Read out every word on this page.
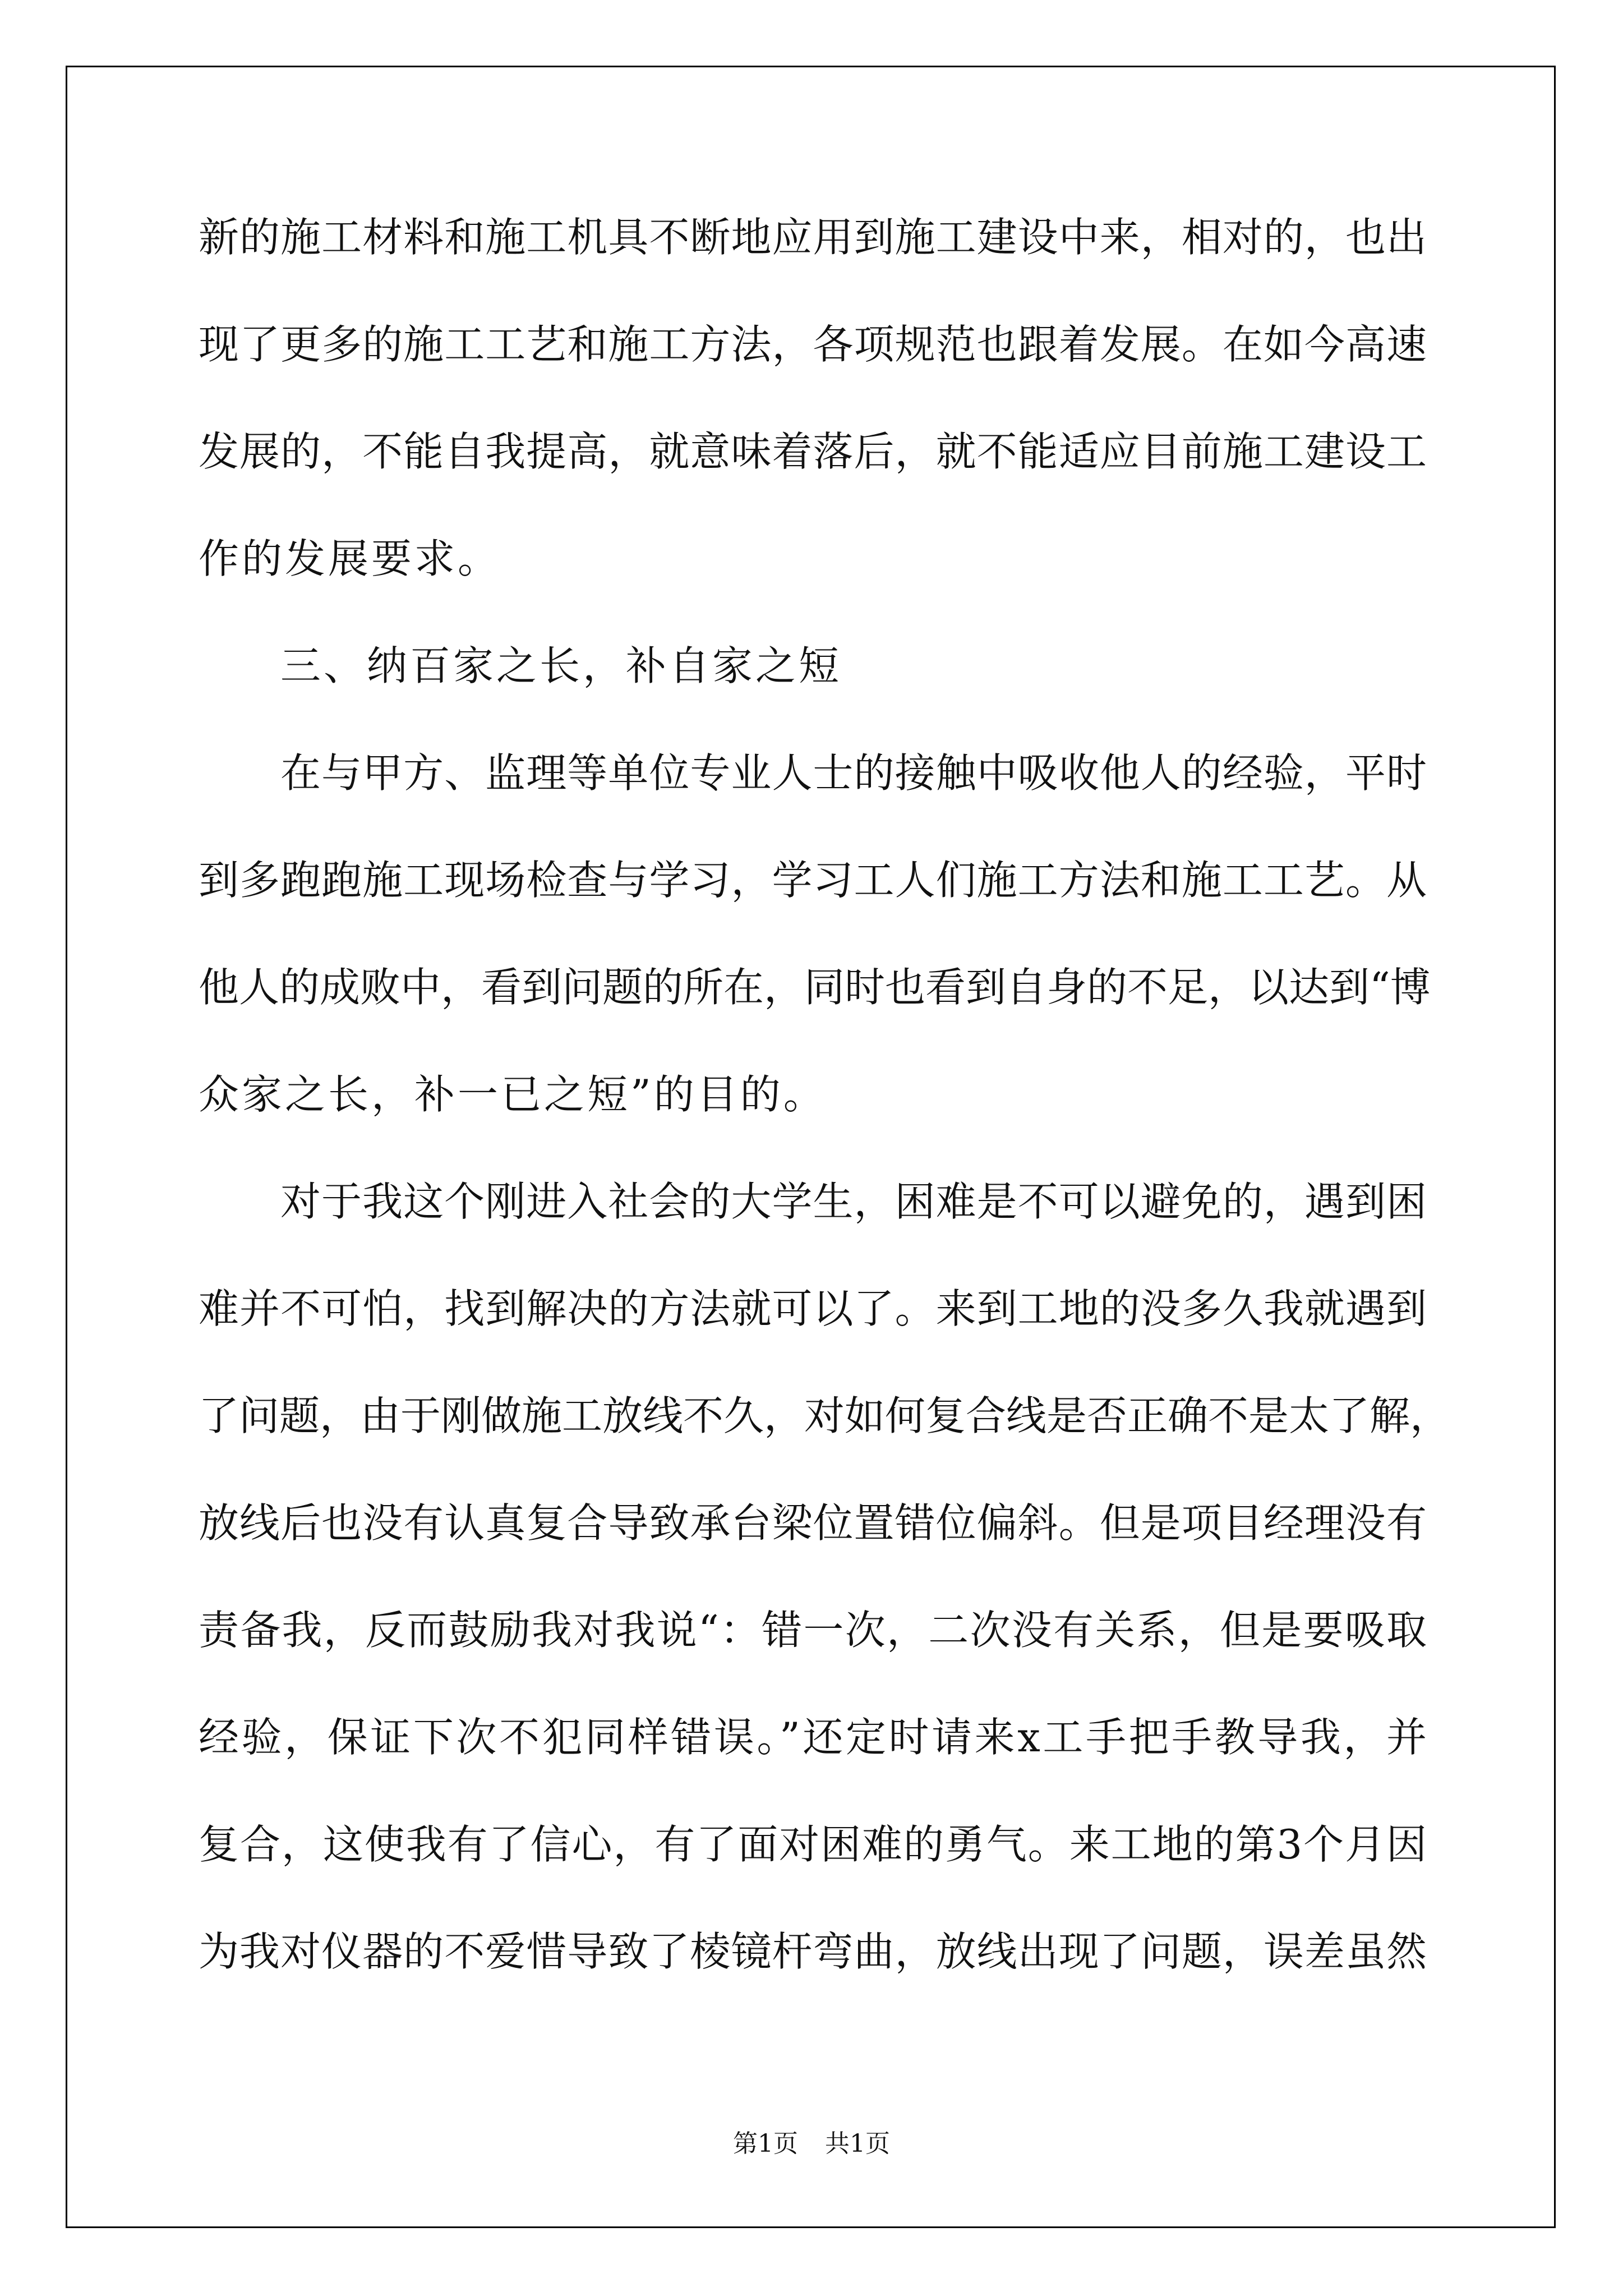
新的施工材料和施工机具不断地应用到施工建设中来，相对的，也出
现了更多的施工工艺和施工方法，各项规范也跟着发展。在如今高速
发展的，不能自我提高，就意味着落后，就不能适应目前施工建设工
作的发展要求。
三、纳百家之长，补自家之短
在与甲方、监理等单位专业人士的接触中吸收他人的经验，平时
到多跑跑施工现场检查与学习，学习工人们施工方法和施工工艺。从
他人的成败中，看到问题的所在，同时也看到自身的不足，以达到“博
众家之长，补一已之短”的目的。
对于我这个刚进入社会的大学生，困难是不可以避免的，遇到困
难并不可怕，找到解决的方法就可以了。来到工地的没多久我就遇到
了问题，由于刚做施工放线不久，对如何复合线是否正确不是太了解，
放线后也没有认真复合导致承台梁位置错位偏斜。但是项目经理没有
责备我，反而鼓励我对我说“：错一次，二次没有关系，但是要吸取
经验，保证下次不犯同样错误。”还定时请来x工手把手教导我，并
复合，这使我有了信心，有了面对困难的勇气。来工地的第3个月因
为我对仪器的不爱惜导致了棱镜杆弯曲，放线出现了问题，误差虽然
第1页 共1页
